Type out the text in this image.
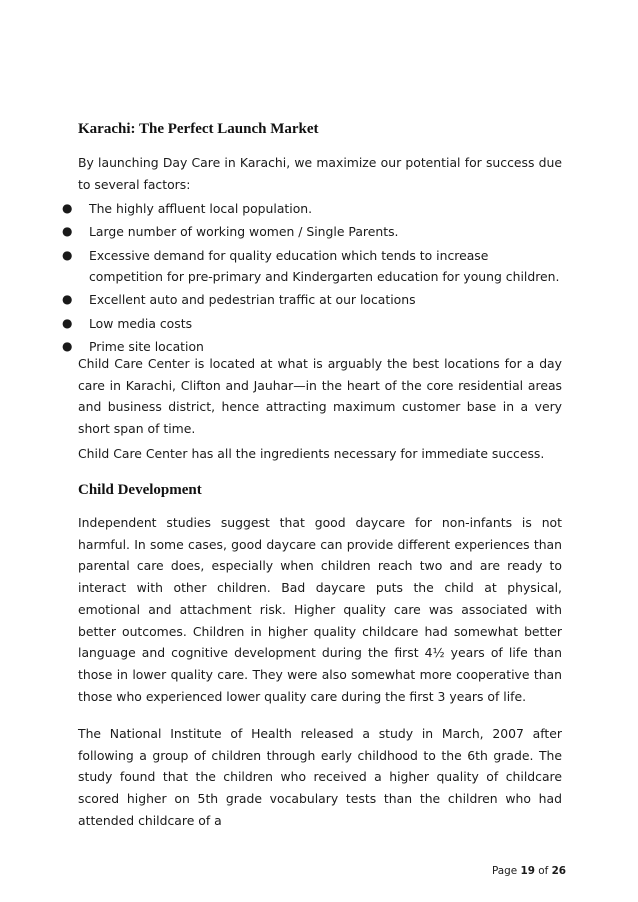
Karachi: The Perfect Launch Market
By launching Day Care in Karachi, we maximize our potential for success due to several factors:
● The highly affluent local population.
● Large number of working women / Single Parents.
● Excessive demand for quality education which tends to increase competition for pre-primary and Kindergarten education for young children.
● Excellent auto and pedestrian traffic at our locations
● Low media costs
● Prime site location
Child Care Center is located at what is arguably the best locations for a day care in Karachi, Clifton and Jauhar—in the heart of the core residential areas and business district, hence attracting maximum customer base in a very short span of time.
Child Care Center has all the ingredients necessary for immediate success.
Child Development
Independent studies suggest that good daycare for non-infants is not harmful. In some cases, good daycare can provide different experiences than parental care does, especially when children reach two and are ready to interact with other children. Bad daycare puts the child at physical, emotional and attachment risk. Higher quality care was associated with better outcomes. Children in higher quality childcare had somewhat better language and cognitive development during the first 4½ years of life than those in lower quality care. They were also somewhat more cooperative than those who experienced lower quality care during the first 3 years of life.
The National Institute of Health released a study in March, 2007 after following a group of children through early childhood to the 6th grade. The study found that the children who received a higher quality of childcare scored higher on 5th grade vocabulary tests than the children who had attended childcare of a
Page 19 of 26
